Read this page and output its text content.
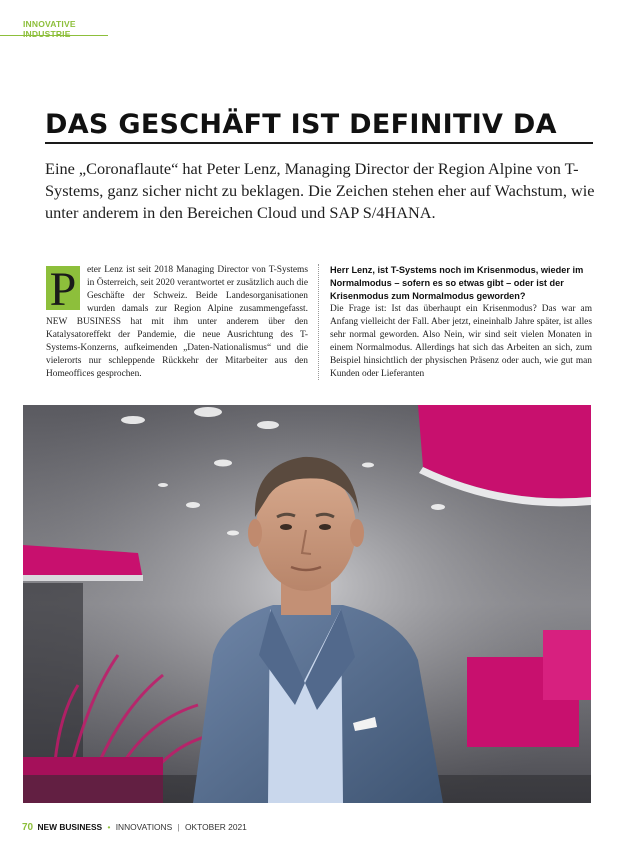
INNOVATIVE INDUSTRIE
DAS GESCHÄFT IST DEFINITIV DA

Eine „Coronaflaute“ hat Peter Lenz, Managing Director der Region Alpine von T-Systems, ganz sicher nicht zu beklagen. Die Zeichen stehen eher auf Wachstum, wie unter anderem in den Bereichen Cloud und SAP S/4HANA.

P	eter Lenz ist seit 2018 Managing Director von T-Systems in Österreich, seit 2020 verantwortet er zusätzlich auch die Geschäfte der Schweiz. Beide Landesorganisationen wurden damals zur Region Alpine zusammengefasst. NEW BUSINESS hat mit ihm unter anderem über den Katalysatoreffekt der Pandemie, die neue Ausrichtung des T-Systems-Konzerns, aufkeimenden „Daten-Nationalismus“ und die vielerorts nur schleppende Rückkehr der Mitarbeiter aus den Homeoffices gesprochen.
Herr Lenz, ist T-Systems noch im Krisenmodus, wieder im Normalmodus – sofern es so etwas gibt – oder ist der Krisenmodus zum Normalmodus geworden?
Die Frage ist: Ist das überhaupt ein Krisenmodus? Das war am Anfang vielleicht der Fall. Aber jetzt, eineinhalb Jahre später, ist alles sehr normal geworden. Also Nein, wir sind seit vielen Monaten in einem Normalmodus. Allerdings hat sich das Arbeiten an sich, zum Beispiel hinsichtlich der physischen Präsenz oder auch, wie gut man Kunden oder Lieferanten
70 NEW BUSINESS • INNOVATIONS | OKTOBER 2021
